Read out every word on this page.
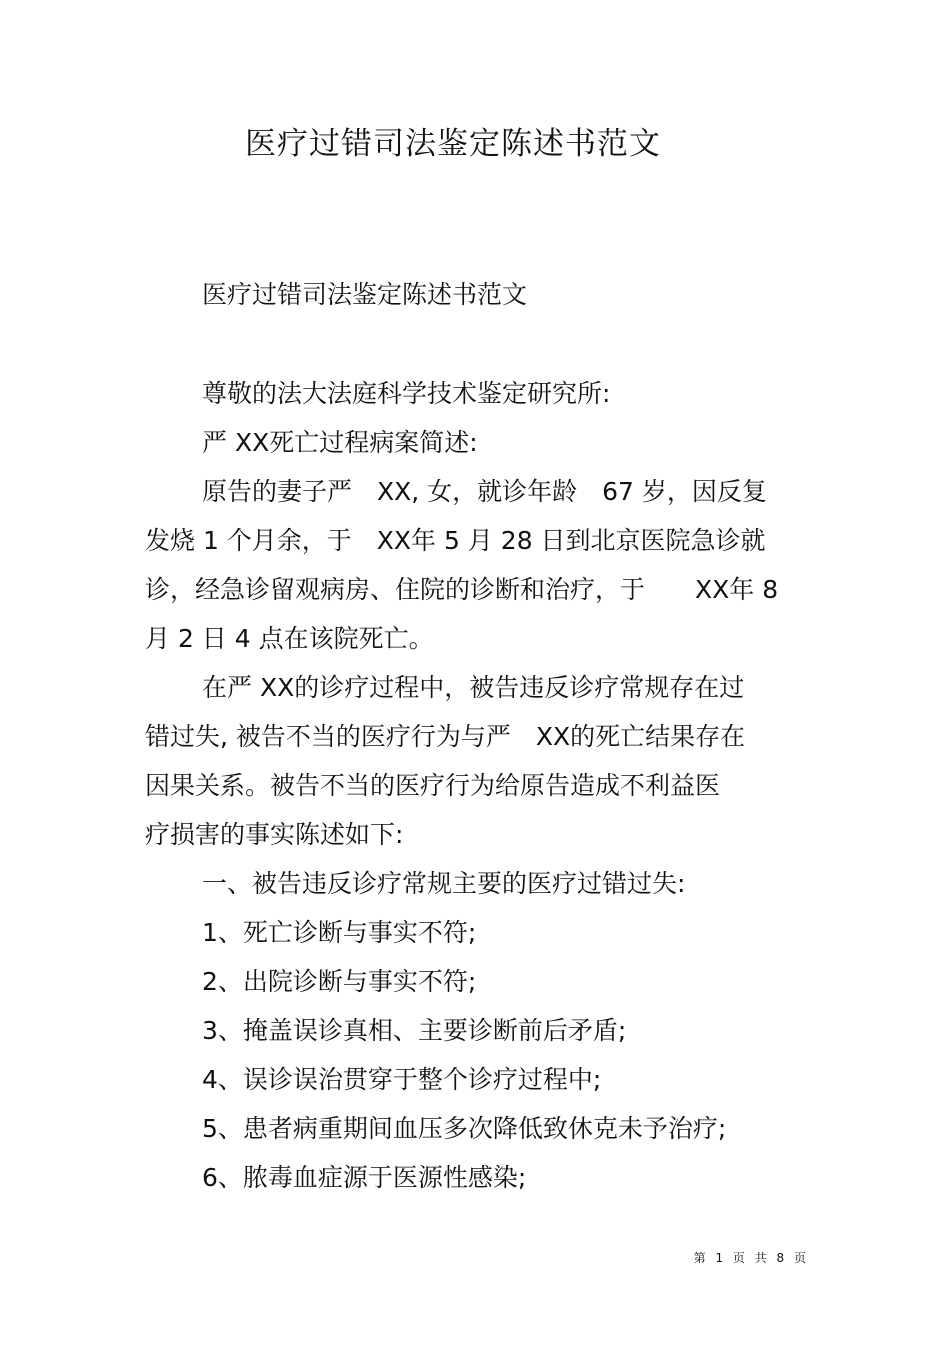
医疗过错司法鉴定陈述书范文

医疗过错司法鉴定陈述书范文

尊敬的法大法庭科学技术鉴定研究所:

严 XX死亡过程病案简述:

原告的妻子严　XX, 女，就诊年龄　67 岁，因反复
发烧 1 个月余，于　XX年 5 月 28 日到北京医院急诊就
诊，经急诊留观病房、住院的诊断和治疗，于　　XX年 8
月 2 日 4 点在该院死亡。

在严 XX的诊疗过程中，被告违反诊疗常规存在过
错过失, 被告不当的医疗行为与严　XX的死亡结果存在
因果关系。被告不当的医疗行为给原告造成不利益医
疗损害的事实陈述如下:

一、被告违反诊疗常规主要的医疗过错过失:

1、死亡诊断与事实不符;

2、出院诊断与事实不符;

3、掩盖误诊真相、主要诊断前后矛盾;

4、误诊误治贯穿于整个诊疗过程中;

5、患者病重期间血压多次降低致休克未予治疗;

6、脓毒血症源于医源性感染;

第 1 页 共 8 页
